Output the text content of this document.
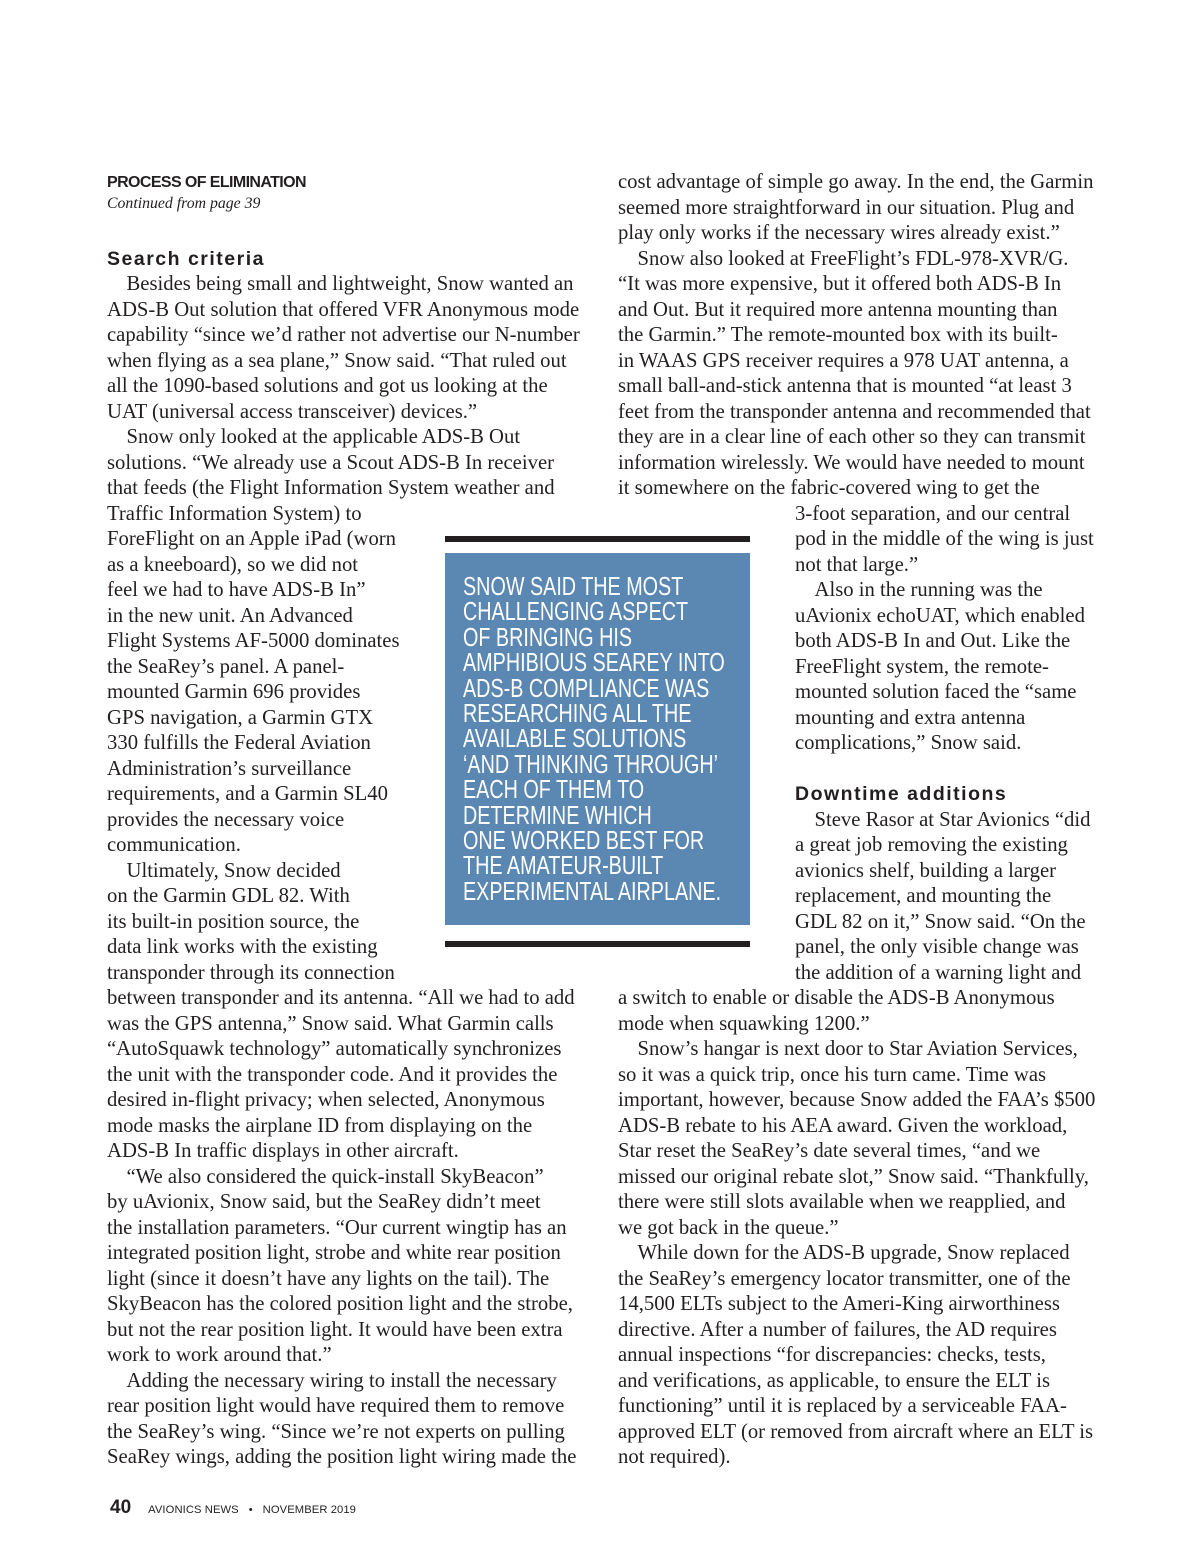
PROCESS OF ELIMINATION
Continued from page 39
Search criteria
Besides being small and lightweight, Snow wanted an
ADS-B Out solution that offered VFR Anonymous mode
capability “since we’d rather not advertise our N-number
when flying as a sea plane,” Snow said. “That ruled out
all the 1090-based solutions and got us looking at the
UAT (universal access transceiver) devices.”
Snow only looked at the applicable ADS-B Out
solutions. “We already use a Scout ADS-B In receiver
that feeds (the Flight Information System weather and
Traffic Information System) to
ForeFlight on an Apple iPad (worn
as a kneeboard), so we did not
feel we had to have ADS-B In”
in the new unit. An Advanced
Flight Systems AF-5000 dominates
the SeaRey’s panel. A panel-
mounted Garmin 696 provides
GPS navigation, a Garmin GTX
330 fulfills the Federal Aviation
Administration’s surveillance
requirements, and a Garmin SL40
provides the necessary voice
communication.
Ultimately, Snow decided
on the Garmin GDL 82. With
its built-in position source, the
data link works with the existing
transponder through its connection
between transponder and its antenna. “All we had to add
was the GPS antenna,” Snow said. What Garmin calls
“AutoSquawk technology” automatically synchronizes
the unit with the transponder code. And it provides the
desired in-flight privacy; when selected, Anonymous
mode masks the airplane ID from displaying on the
ADS-B In traffic displays in other aircraft.
“We also considered the quick-install SkyBeacon”
by uAvionix, Snow said, but the SeaRey didn’t meet
the installation parameters. “Our current wingtip has an
integrated position light, strobe and white rear position
light (since it doesn’t have any lights on the tail). The
SkyBeacon has the colored position light and the strobe,
but not the rear position light. It would have been extra
work to work around that.”
Adding the necessary wiring to install the necessary
rear position light would have required them to remove
the SeaRey’s wing. “Since we’re not experts on pulling
SeaRey wings, adding the position light wiring made the
cost advantage of simple go away. In the end, the Garmin
seemed more straightforward in our situation. Plug and
play only works if the necessary wires already exist.”
Snow also looked at FreeFlight’s FDL-978-XVR/G.
“It was more expensive, but it offered both ADS-B In
and Out. But it required more antenna mounting than
the Garmin.” The remote-mounted box with its built-
in WAAS GPS receiver requires a 978 UAT antenna, a
small ball-and-stick antenna that is mounted “at least 3
feet from the transponder antenna and recommended that
they are in a clear line of each other so they can transmit
information wirelessly. We would have needed to mount
it somewhere on the fabric-covered wing to get the
3-foot separation, and our central
pod in the middle of the wing is just
not that large.”
Also in the running was the
uAvionix echoUAT, which enabled
both ADS-B In and Out. Like the
FreeFlight system, the remote-
mounted solution faced the “same
mounting and extra antenna
complications,” Snow said.
Downtime additions
Steve Rasor at Star Avionics “did
a great job removing the existing
avionics shelf, building a larger
replacement, and mounting the
GDL 82 on it,” Snow said. “On the
panel, the only visible change was
the addition of a warning light and
a switch to enable or disable the ADS-B Anonymous
mode when squawking 1200.”
Snow’s hangar is next door to Star Aviation Services,
so it was a quick trip, once his turn came. Time was
important, however, because Snow added the FAA’s $500
ADS-B rebate to his AEA award. Given the workload,
Star reset the SeaRey’s date several times, “and we
missed our original rebate slot,” Snow said. “Thankfully,
there were still slots available when we reapplied, and
we got back in the queue.”
While down for the ADS-B upgrade, Snow replaced
the SeaRey’s emergency locator transmitter, one of the
14,500 ELTs subject to the Ameri-King airworthiness
directive. After a number of failures, the AD requires
annual inspections “for discrepancies: checks, tests,
and verifications, as applicable, to ensure the ELT is
functioning” until it is replaced by a serviceable FAA-
approved ELT (or removed from aircraft where an ELT is
not required).
SNOW SAID THE MOST
CHALLENGING ASPECT
OF BRINGING HIS
AMPHIBIOUS SEAREY INTO
ADS-B COMPLIANCE WAS
RESEARCHING ALL THE
AVAILABLE SOLUTIONS
‘AND THINKING THROUGH’
EACH OF THEM TO
DETERMINE WHICH
ONE WORKED BEST FOR
THE AMATEUR-BUILT
EXPERIMENTAL AIRPLANE.
40 AVIONICS NEWS • NOVEMBER 2019
